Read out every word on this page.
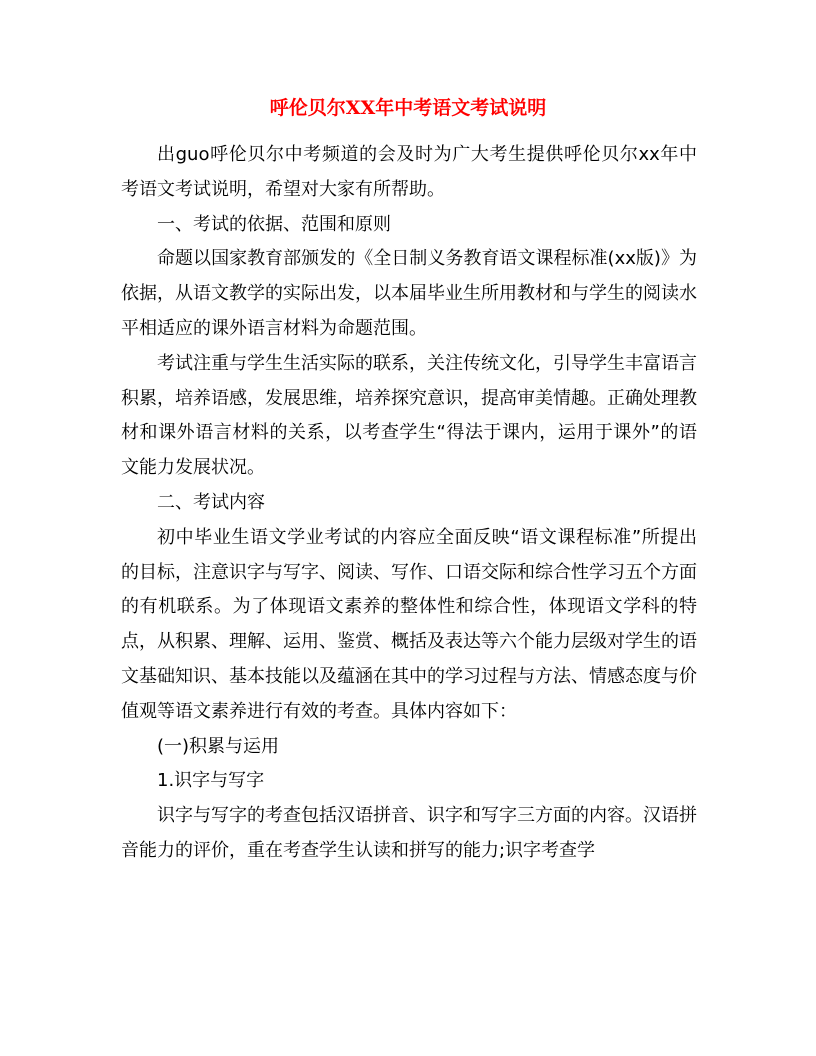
呼伦贝尔XX年中考语文考试说明

出guo呼伦贝尔中考频道的会及时为广大考生提供呼伦贝尔xx年中考语文考试说明，希望对大家有所帮助。

一、考试的依据、范围和原则

命题以国家教育部颁发的《全日制义务教育语文课程标准(xx版)》为依据，从语文教学的实际出发，以本届毕业生所用教材和与学生的阅读水平相适应的课外语言材料为命题范围。

考试注重与学生生活实际的联系，关注传统文化，引导学生丰富语言积累，培养语感，发展思维，培养探究意识，提高审美情趣。正确处理教材和课外语言材料的关系，以考查学生“得法于课内，运用于课外”的语文能力发展状况。

二、考试内容

初中毕业生语文学业考试的内容应全面反映“语文课程标准”所提出的目标，注意识字与写字、阅读、写作、口语交际和综合性学习五个方面的有机联系。为了体现语文素养的整体性和综合性，体现语文学科的特点，从积累、理解、运用、鉴赏、概括及表达等六个能力层级对学生的语文基础知识、基本技能以及蕴涵在其中的学习过程与方法、情感态度与价值观等语文素养进行有效的考查。具体内容如下：

(一)积累与运用

1.识字与写字

识字与写字的考查包括汉语拼音、识字和写字三方面的内容。汉语拼音能力的评价，重在考查学生认读和拼写的能力;识字考查学
